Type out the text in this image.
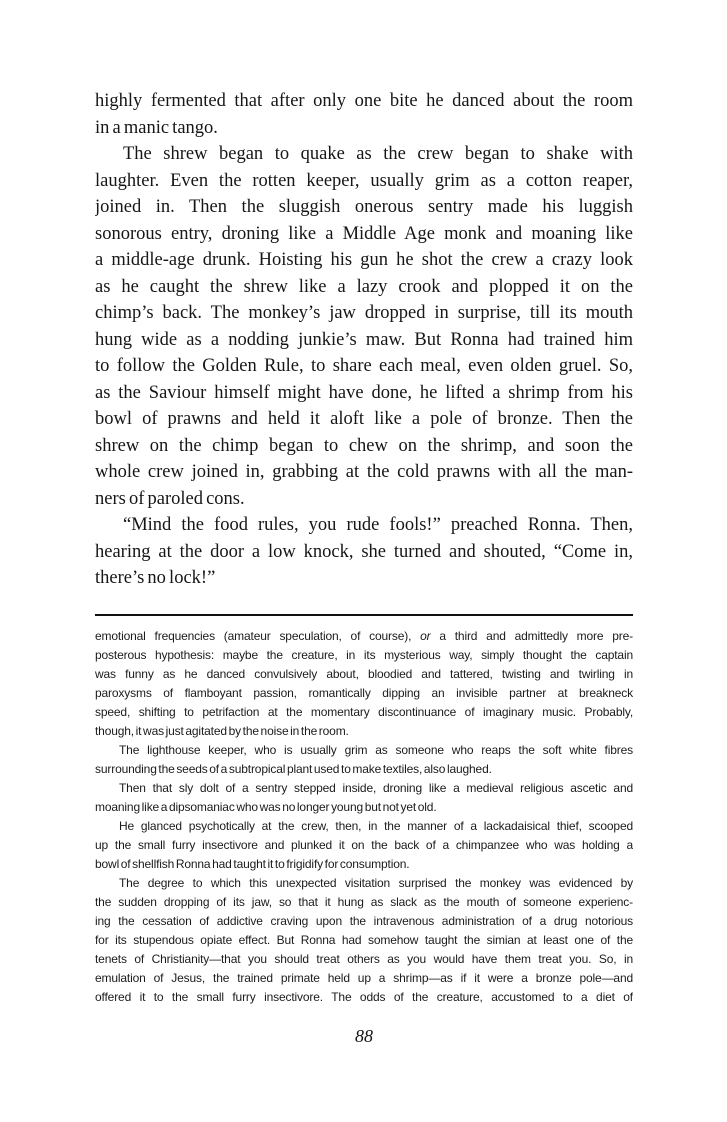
highly fermented that after only one bite he danced about the room
in a manic tango.
The shrew began to quake as the crew began to shake with
laughter. Even the rotten keeper, usually grim as a cotton reaper,
joined in. Then the sluggish onerous sentry made his luggish
sonorous entry, droning like a Middle Age monk and moaning like
a middle-age drunk. Hoisting his gun he shot the crew a crazy look
as he caught the shrew like a lazy crook and plopped it on the
chimp’s back. The monkey’s jaw dropped in surprise, till its mouth
hung wide as a nodding junkie’s maw. But Ronna had trained him
to follow the Golden Rule, to share each meal, even olden gruel. So,
as the Saviour himself might have done, he lifted a shrimp from his
bowl of prawns and held it aloft like a pole of bronze. Then the
shrew on the chimp began to chew on the shrimp, and soon the
whole crew joined in, grabbing at the cold prawns with all the man-
ners of paroled cons.
“Mind the food rules, you rude fools!” preached Ronna. Then,
hearing at the door a low knock, she turned and shouted, “Come in,
there’s no lock!”
emotional frequencies (amateur speculation, of course), or a third and admittedly more pre-
posterous hypothesis: maybe the creature, in its mysterious way, simply thought the captain
was funny as he danced convulsively about, bloodied and tattered, twisting and twirling in
paroxysms of flamboyant passion, romantically dipping an invisible partner at breakneck
speed, shifting to petrifaction at the momentary discontinuance of imaginary music. Probably,
though, it was just agitated by the noise in the room.
The lighthouse keeper, who is usually grim as someone who reaps the soft white fibres
surrounding the seeds of a subtropical plant used to make textiles, also laughed.
Then that sly dolt of a sentry stepped inside, droning like a medieval religious ascetic and
moaning like a dipsomaniac who was no longer young but not yet old.
He glanced psychotically at the crew, then, in the manner of a lackadaisical thief, scooped
up the small furry insectivore and plunked it on the back of a chimpanzee who was holding a
bowl of shellfish Ronna had taught it to frigidify for consumption.
The degree to which this unexpected visitation surprised the monkey was evidenced by
the sudden dropping of its jaw, so that it hung as slack as the mouth of someone experienc-
ing the cessation of addictive craving upon the intravenous administration of a drug notorious
for its stupendous opiate effect. But Ronna had somehow taught the simian at least one of the
tenets of Christianity—that you should treat others as you would have them treat you. So, in
emulation of Jesus, the trained primate held up a shrimp—as if it were a bronze pole—and
offered it to the small furry insectivore. The odds of the creature, accustomed to a diet of
88
